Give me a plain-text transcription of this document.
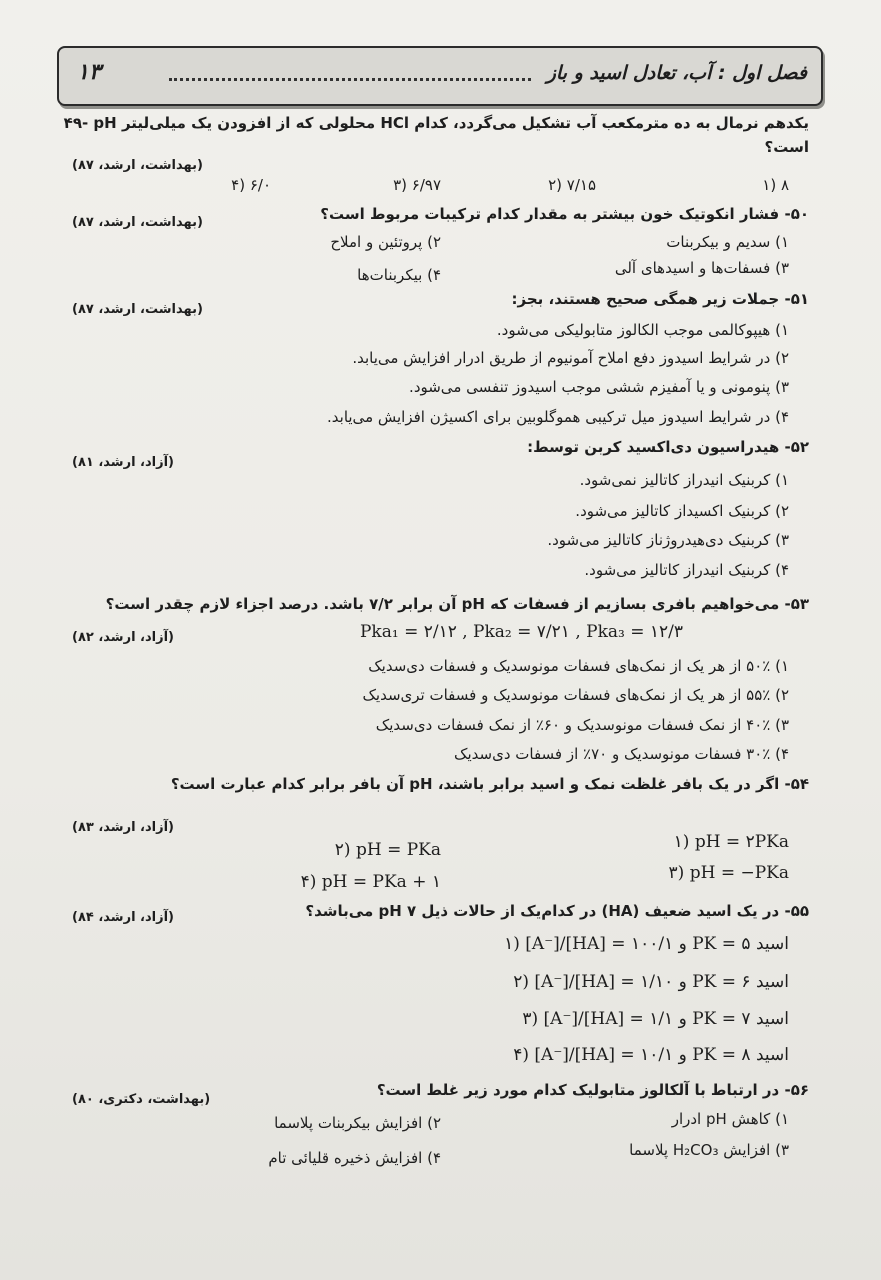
فصل اول : آب، تعادل اسید و باز
۱۳
۴۹- pH محلولی که از افزودن یک میلی‌لیتر HCl یکدهم نرمال به ده مترمکعب آب تشکیل می‌گردد، کدام
است؟
(بهداشت، ارشد، ۸۷)
۱) ۸
۲) ۷/۱۵
۳) ۶/۹۷
۴) ۶/۰
۵۰- فشار انکوتیک خون بیشتر به مقدار کدام ترکیبات مربوط است؟
(بهداشت، ارشد، ۸۷)
۱) سدیم و بیکربنات
۲) پروتئین و املاح
۳) فسفات‌ها و اسیدهای آلی
۴) بیکربنات‌ها
۵۱- جملات زیر همگی صحیح هستند، بجز:
(بهداشت، ارشد، ۸۷)
۱) هیپوکالمی موجب الکالوز متابولیکی می‌شود.
۲) در شرایط اسیدوز دفع املاح آمونیوم از طریق ادرار افزایش می‌یابد.
۳) پنومونی و یا آمفیزم ششی موجب اسیدوز تنفسی می‌شود.
۴) در شرایط اسیدوز میل ترکیبی هموگلوبین برای اکسیژن افزایش می‌یابد.
۵۲- هیدراسیون دی‌اکسید کربن توسط:
(آزاد، ارشد، ۸۱)
۱) کربنیک انیدراز کاتالیز نمی‌شود.
۲) کربنیک اکسیداز کاتالیز می‌شود.
۳) کربنیک دی‌هیدروژناز کاتالیز می‌شود.
۴) کربنیک انیدراز کاتالیز می‌شود.
۵۳- می‌خواهیم بافری بسازیم از فسفات که pH آن برابر ۷/۲ باشد. درصد اجزاء لازم چقدر است؟
(آزاد، ارشد، ۸۲)	Pka₁ = ۲/۱۲ , Pka₂ = ۷/۲۱ , Pka₃ = ۱۲/۳
۱) ۵۰٪ از هر یک از نمک‌های فسفات مونوسدیک و فسفات دی‌سدیک
۲) ۵۵٪ از هر یک از نمک‌های فسفات مونوسدیک و فسفات تری‌سدیک
۳) ۴۰٪ از نمک فسفات مونوسدیک و ۶۰٪ از نمک فسفات دی‌سدیک
۴) ۳۰٪ فسفات مونوسدیک و ۷۰٪ از فسفات دی‌سدیک
۵۴- اگر در یک بافر غلظت نمک و اسید برابر باشند، pH آن بافر برابر کدام عبارت است؟
(آزاد، ارشد، ۸۳)
۱) pH = ۲PKa
۲) pH = PKa
۳) pH = −PKa
۴) pH = PKa + ۱
۵۵- در یک اسید ضعیف (HA) در کدام‌یک از حالات ذیل pH ۷ می‌باشد؟
(آزاد، ارشد، ۸۴)
۱) [A⁻]/[HA] = ۱۰۰/۱ و PK = ۵ اسید
۲) [A⁻]/[HA] = ۱/۱۰ و PK = ۶ اسید
۳) [A⁻]/[HA] = ۱/۱ و PK = ۷ اسید
۴) [A⁻]/[HA] = ۱۰/۱ و PK = ۸ اسید
۵۶- در ارتباط با آلکالوز متابولیک کدام مورد زیر غلط است؟
(بهداشت، دکتری، ۸۰)
۱) کاهش pH ادرار
۲) افزایش بیکربنات پلاسما
۳) افزایش H₂CO₃ پلاسما
۴) افزایش ذخیره قلیائی تام
